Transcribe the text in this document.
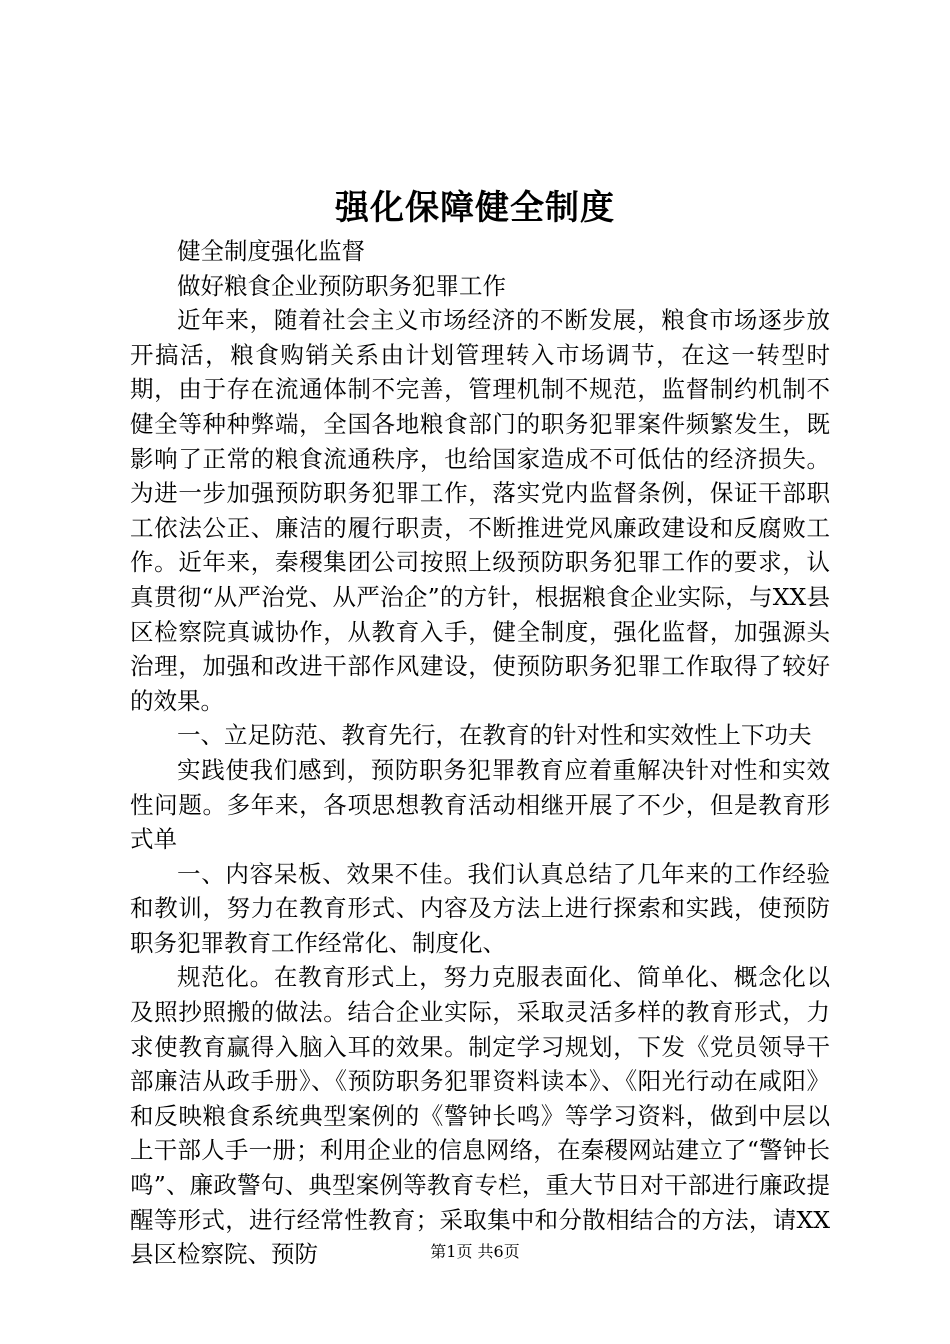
强化保障健全制度

健全制度强化监督

做好粮食企业预防职务犯罪工作

近年来，随着社会主义市场经济的不断发展，粮食市场逐步放开搞活，粮食购销关系由计划管理转入市场调节，在这一转型时期，由于存在流通体制不完善，管理机制不规范，监督制约机制不健全等种种弊端，全国各地粮食部门的职务犯罪案件频繁发生，既影响了正常的粮食流通秩序，也给国家造成不可低估的经济损失。为进一步加强预防职务犯罪工作，落实党内监督条例，保证干部职工依法公正、廉洁的履行职责，不断推进党风廉政建设和反腐败工作。近年来，秦稷集团公司按照上级预防职务犯罪工作的要求，认真贯彻“从严治党、从严治企”的方针，根据粮食企业实际，与XX县区检察院真诚协作，从教育入手，健全制度，强化监督，加强源头治理，加强和改进干部作风建设，使预防职务犯罪工作取得了较好的效果。

一、立足防范、教育先行，在教育的针对性和实效性上下功夫

实践使我们感到，预防职务犯罪教育应着重解决针对性和实效性问题。多年来，各项思想教育活动相继开展了不少，但是教育形式单

一、内容呆板、效果不佳。我们认真总结了几年来的工作经验和教训，努力在教育形式、内容及方法上进行探索和实践，使预防职务犯罪教育工作经常化、制度化、

规范化。在教育形式上，努力克服表面化、简单化、概念化以及照抄照搬的做法。结合企业实际，采取灵活多样的教育形式，力求使教育赢得入脑入耳的效果。制定学习规划，下发《党员领导干部廉洁从政手册》、《预防职务犯罪资料读本》、《阳光行动在咸阳》和反映粮食系统典型案例的《警钟长鸣》等学习资料，做到中层以上干部人手一册；利用企业的信息网络，在秦稷网站建立了“警钟长鸣”、廉政警句、典型案例等教育专栏，重大节日对干部进行廉政提醒等形式，进行经常性教育；采取集中和分散相结合的方法，请XX县区检察院、预防	第1页 共6页
